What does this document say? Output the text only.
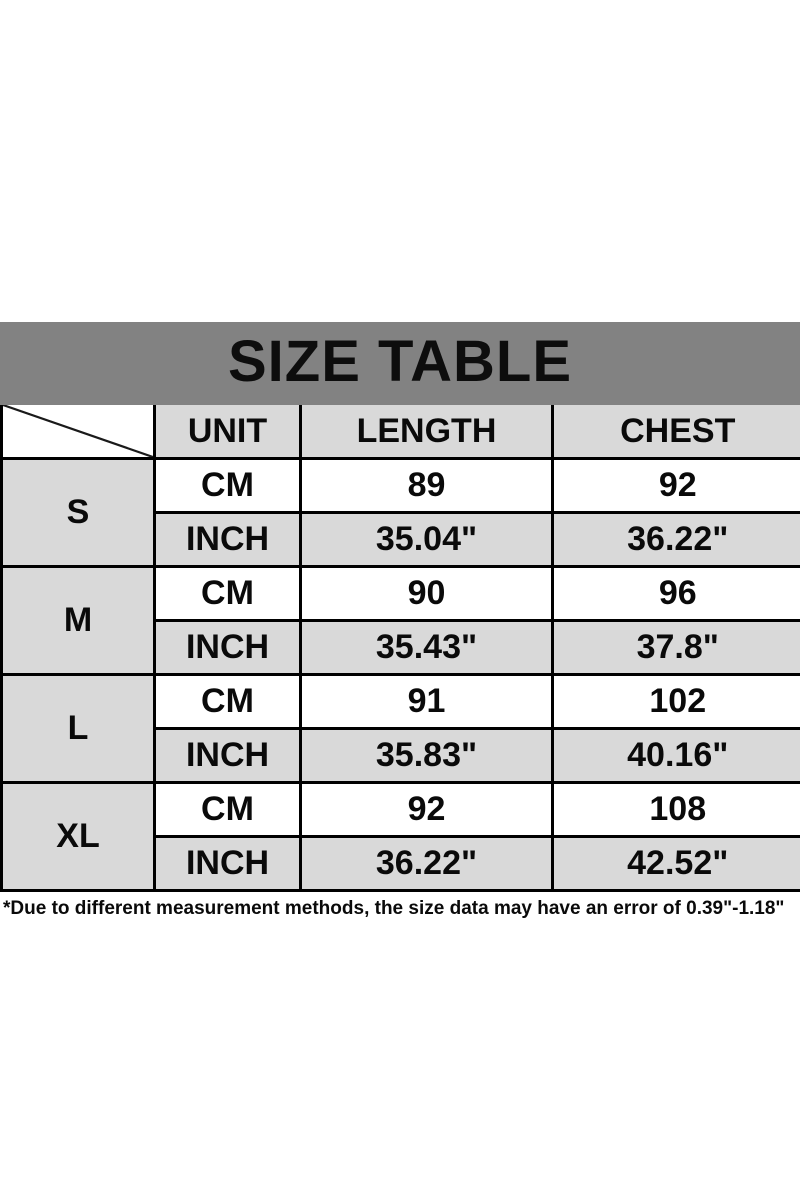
SIZE TABLE
	UNIT	LENGTH	CHEST
S	CM	89	92
	INCH	35.04"	36.22"
M	CM	90	96
	INCH	35.43"	37.8"
L	CM	91	102
	INCH	35.83"	40.16"
XL	CM	92	108
	INCH	36.22"	42.52"
*Due to different measurement methods, the size data may have an error of 0.39"-1.18"
